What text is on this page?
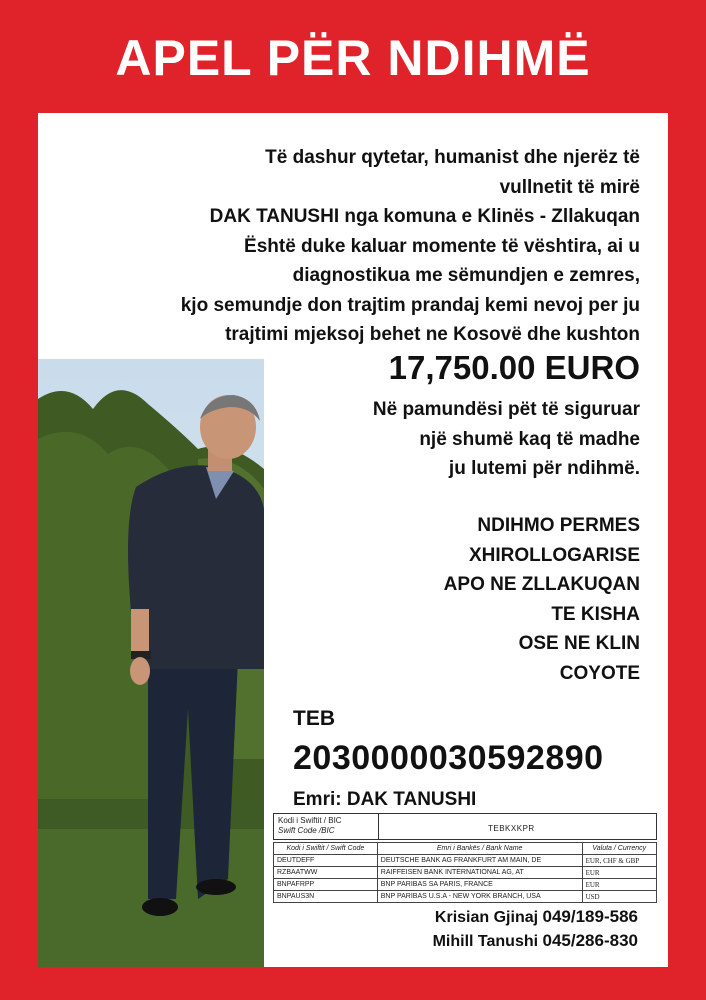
APEL PËR NDIHMË
Të dashur qytetar, humanist dhe njerëz të
vullnetit të mirë
DAK TANUSHI nga komuna e Klinës - Zllakuqan
Është duke kaluar momente të vështira, ai u
diagnostikua me sëmundjen e zemres,
kjo semundje don trajtim prandaj kemi nevoj per ju
trajtimi mjeksoj behet ne Kosovë dhe kushton
17,750.00 EURO
Në pamundësi pët të siguruar
një shumë kaq të madhe
ju lutemi për ndihmë.
NDIHMO PERMES
XHIROLLOGARISE
APO NE ZLLAKUQAN
TE KISHA
OSE NE KLIN
COYOTE
TEB
2030000030592890
Emri: DAK TANUSHI
Kodi i Swiftit / BIC
Swift Code /BIC	TEBKXKPR
Kodi i Swiftit / Swift Code	Emri i Bankës / Bank Name	Valuta / Currency
DEUTDEFF	DEUTSCHE BANK AG FRANKFURT AM MAIN, DE	EUR, CHF & GBP
RZBAATWW	RAIFFEISEN BANK INTERNATIONAL AG, AT	EUR
BNPAFRPP	BNP PARIBAS SA PARIS, FRANCE	EUR
BNPAUS3N	BNP PARIBAS U.S.A - NEW YORK BRANCH, USA	USD
Krisian Gjinaj 049/189-586
Mihill Tanushi 045/286-830
